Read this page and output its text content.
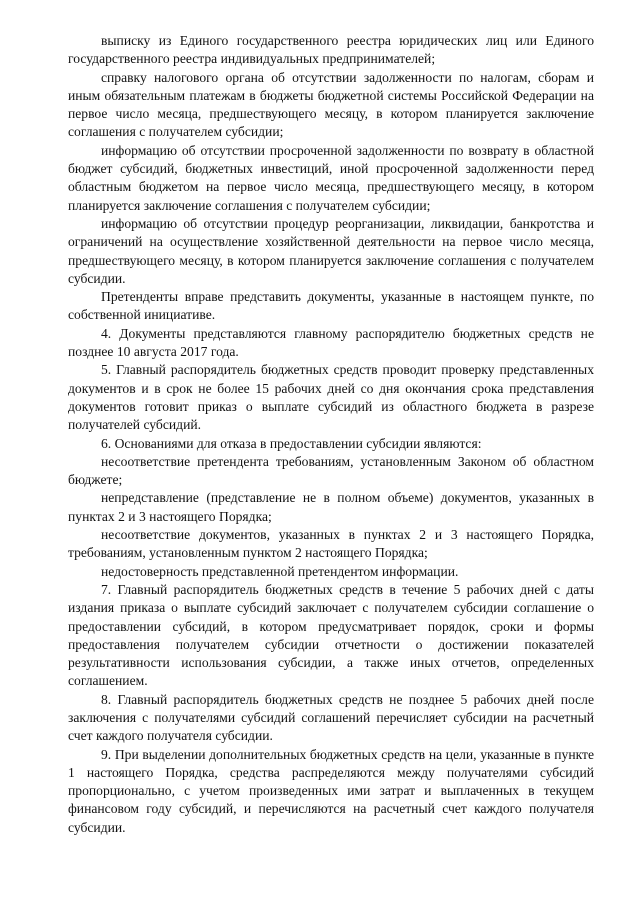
выписку из Единого государственного реестра юридических лиц или Единого государственного реестра индивидуальных предпринимателей;

справку налогового органа об отсутствии задолженности по налогам, сборам и иным обязательным платежам в бюджеты бюджетной системы Российской Федерации на первое число месяца, предшествующего месяцу, в котором планируется заключение соглашения с получателем субсидии;

информацию об отсутствии просроченной задолженности по возврату в областной бюджет субсидий, бюджетных инвестиций, иной просроченной задолженности перед областным бюджетом на первое число месяца, предшествующего месяцу, в котором планируется заключение соглашения с получателем субсидии;

информацию об отсутствии процедур реорганизации, ликвидации, банкротства и ограничений на осуществление хозяйственной деятельности на первое число месяца, предшествующего месяцу, в котором планируется заключение соглашения с получателем субсидии.

Претенденты вправе представить документы, указанные в настоящем пункте, по собственной инициативе.

4. Документы представляются главному распорядителю бюджетных средств не позднее 10 августа 2017 года.

5. Главный распорядитель бюджетных средств проводит проверку представленных документов и в срок не более 15 рабочих дней со дня окончания срока представления документов готовит приказ о выплате субсидий из областного бюджета в разрезе получателей субсидий.

6. Основаниями для отказа в предоставлении субсидии являются:

несоответствие претендента требованиям, установленным Законом об областном бюджете;

непредставление (представление не в полном объеме) документов, указанных в пунктах 2 и 3 настоящего Порядка;

несоответствие документов, указанных в пунктах 2 и 3 настоящего Порядка, требованиям, установленным пунктом 2 настоящего Порядка;

недостоверность представленной претендентом информации.

7. Главный распорядитель бюджетных средств в течение 5 рабочих дней с даты издания приказа о выплате субсидий заключает с получателем субсидии соглашение о предоставлении субсидий, в котором предусматривает порядок, сроки и формы предоставления получателем субсидии отчетности о достижении показателей результативности использования субсидии, а также иных отчетов, определенных соглашением.

8. Главный распорядитель бюджетных средств не позднее 5 рабочих дней после заключения с получателями субсидий соглашений перечисляет субсидии на расчетный счет каждого получателя субсидии.

9. При выделении дополнительных бюджетных средств на цели, указанные в пункте 1 настоящего Порядка, средства распределяются между получателями субсидий пропорционально, с учетом произведенных ими затрат и выплаченных в текущем финансовом году субсидий, и перечисляются на расчетный счет каждого получателя субсидии.
